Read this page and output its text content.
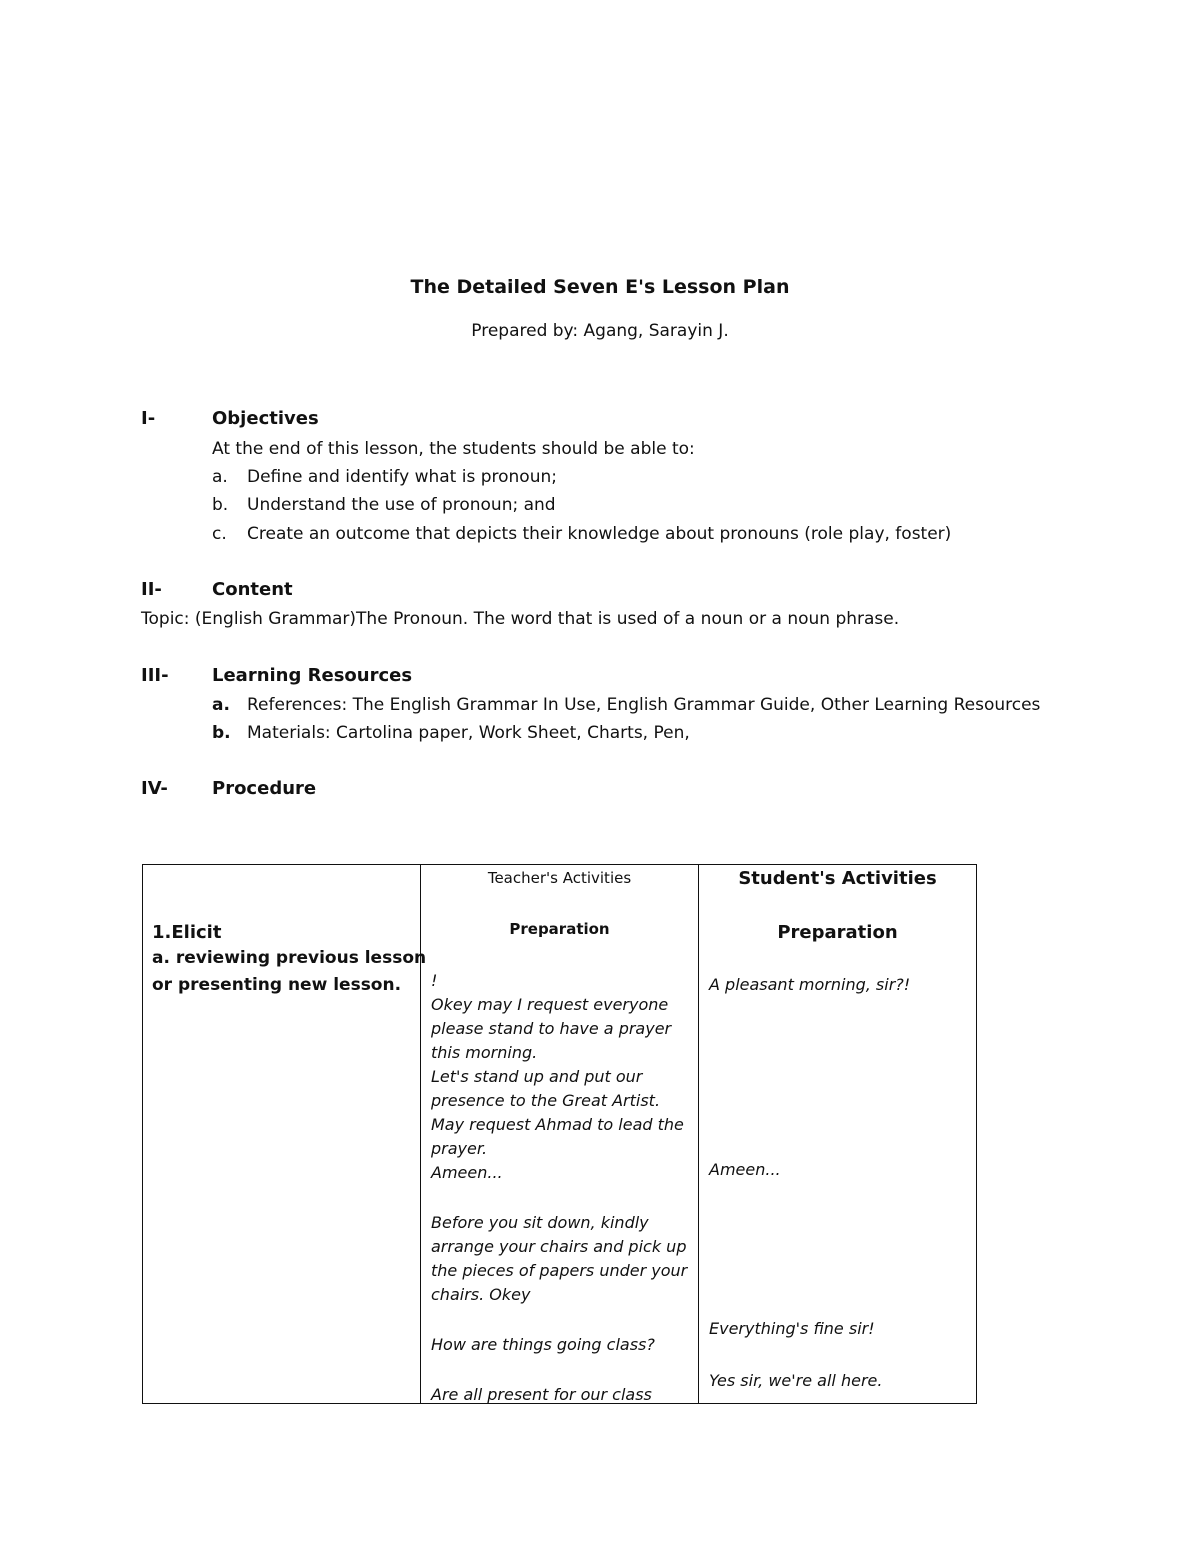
The Detailed Seven E's Lesson Plan
Prepared by: Agang, Sarayin J.
I-	Objectives
At the end of this lesson, the students should be able to:
a. Define and identify what is pronoun;
b. Understand the use of pronoun; and
c. Create an outcome that depicts their knowledge about pronouns (role play, foster)
II-	Content
Topic: (English Grammar)The Pronoun. The word that is used of a noun or a noun phrase.
III-	Learning Resources
a. References: The English Grammar In Use, English Grammar Guide, Other Learning Resources
b. Materials: Cartolina paper, Work Sheet, Charts, Pen,
IV-	Procedure
1.Elicit
a. reviewing previous lesson
or presenting new lesson.

Teacher's Activities
Preparation
!
Okey may I request everyone
please stand to have a prayer
this morning.
Let's stand up and put our
presence to the Great Artist.
May request Ahmad to lead the
prayer.
Ameen...
Before you sit down, kindly
arrange your chairs and pick up
the pieces of papers under your
chairs. Okey
How are things going class?
Are all present for our class

Student's Activities
Preparation
A pleasant morning, sir?!
Ameen...
Everything's fine sir!
Yes sir, we're all here.
